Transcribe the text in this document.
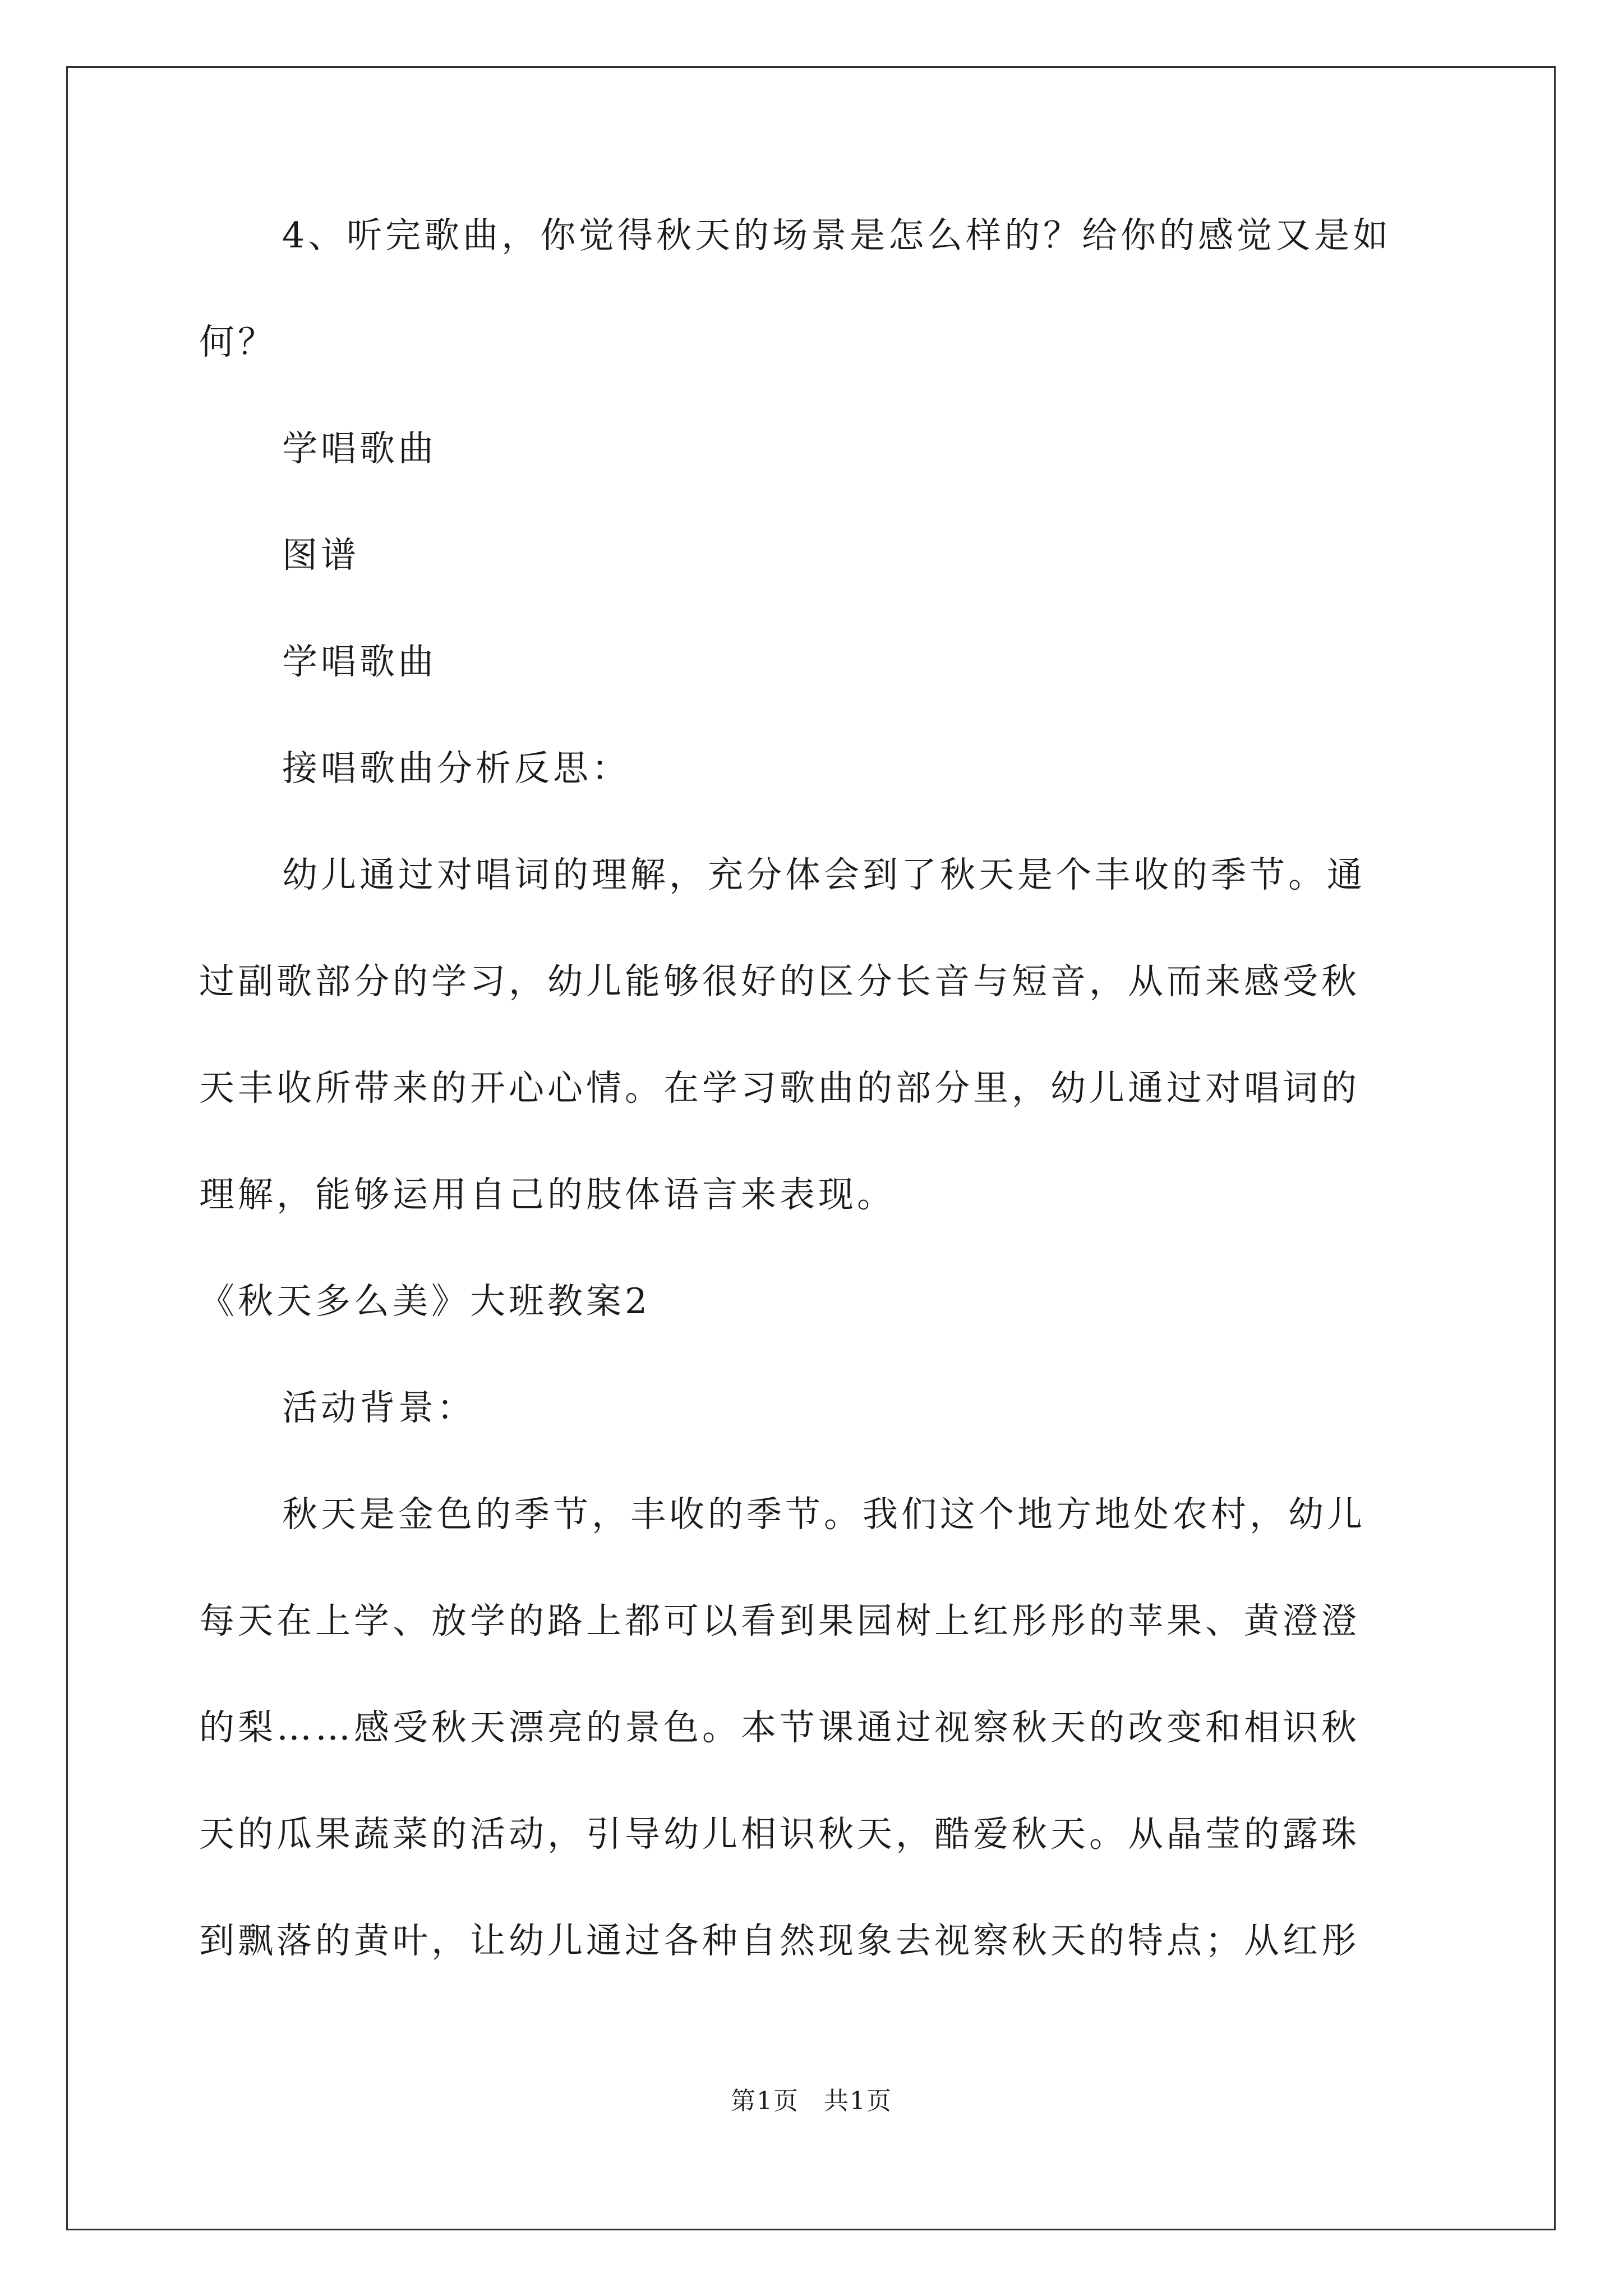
4、听完歌曲，你觉得秋天的场景是怎么样的？给你的感觉又是如
何？
学唱歌曲
图谱
学唱歌曲
接唱歌曲分析反思：
幼儿通过对唱词的理解，充分体会到了秋天是个丰收的季节。通
过副歌部分的学习，幼儿能够很好的区分长音与短音，从而来感受秋
天丰收所带来的开心心情。在学习歌曲的部分里，幼儿通过对唱词的
理解，能够运用自己的肢体语言来表现。
《秋天多么美》大班教案2
活动背景：
秋天是金色的季节，丰收的季节。我们这个地方地处农村，幼儿
每天在上学、放学的路上都可以看到果园树上红彤彤的苹果、黄澄澄
的梨……感受秋天漂亮的景色。本节课通过视察秋天的改变和相识秋
天的瓜果蔬菜的活动，引导幼儿相识秋天，酷爱秋天。从晶莹的露珠
到飘落的黄叶，让幼儿通过各种自然现象去视察秋天的特点；从红彤
第1页 共1页
